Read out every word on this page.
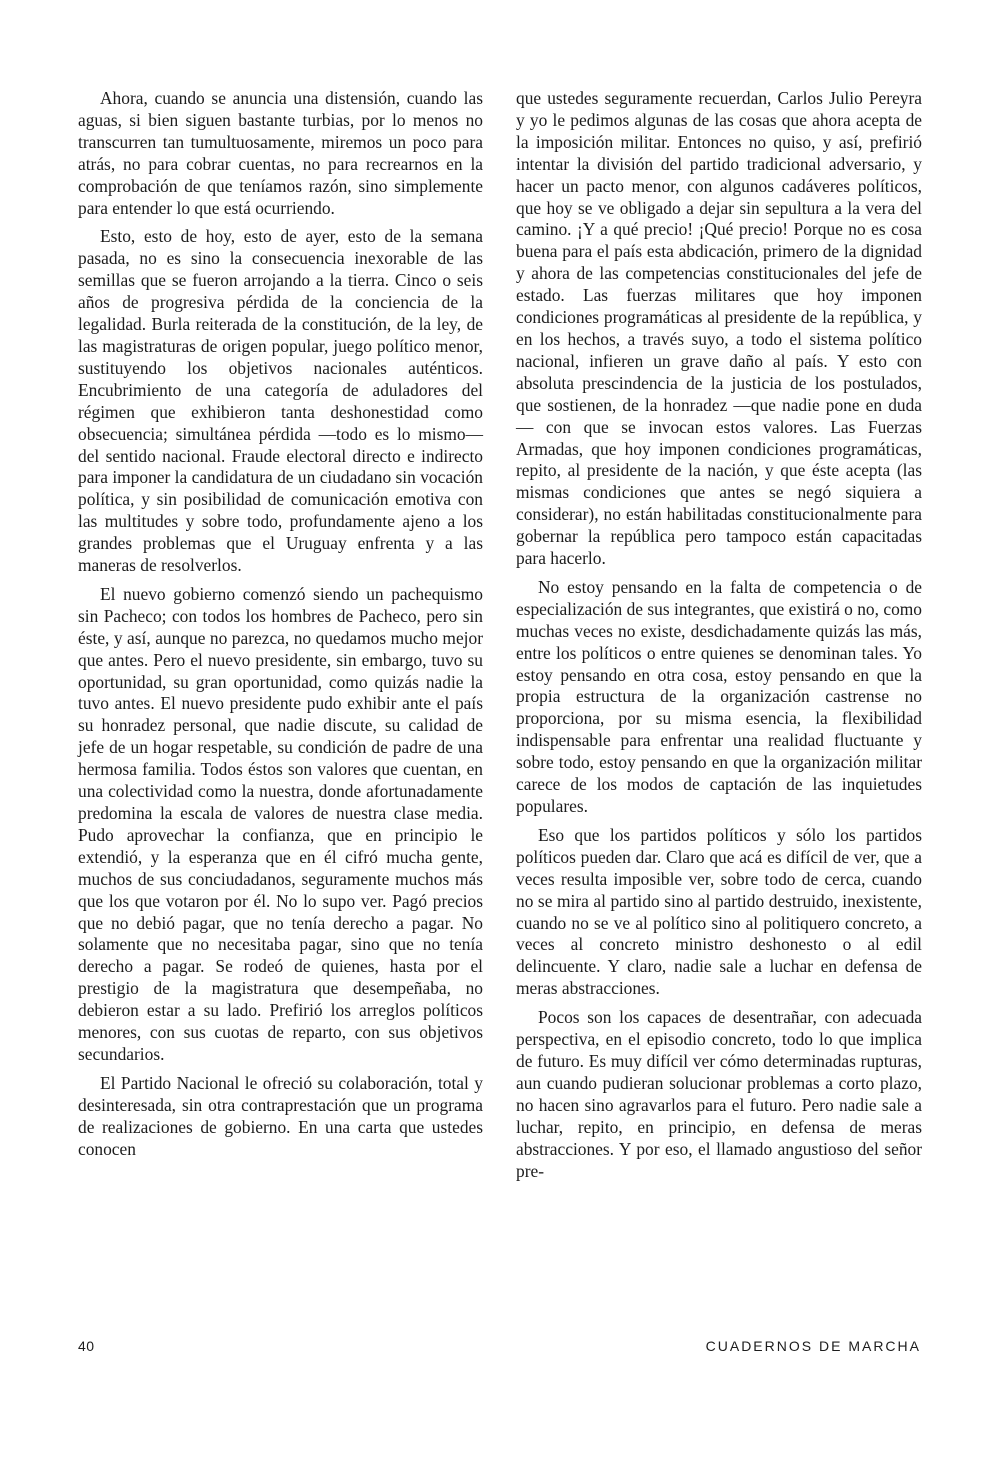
Ahora, cuando se anuncia una distensión, cuando las aguas, si bien siguen bastante turbias, por lo menos no transcurren tan tumultuosamente, miremos un poco para atrás, no para cobrar cuentas, no para recrearnos en la comprobación de que teníamos razón, sino simplemente para entender lo que está ocurriendo.

Esto, esto de hoy, esto de ayer, esto de la semana pasada, no es sino la consecuencia inexorable de las semillas que se fueron arrojando a la tierra. Cinco o seis años de progresiva pérdida de la conciencia de la legalidad. Burla reiterada de la constitución, de la ley, de las magistraturas de origen popular, juego político menor, sustituyendo los objetivos nacionales auténticos. Encubrimiento de una categoría de aduladores del régimen que exhibieron tanta deshonestidad como obsecuencia; simultánea pérdida —todo es lo mismo— del sentido nacional. Fraude electoral directo e indirecto para imponer la candidatura de un ciudadano sin vocación política, y sin posibilidad de comunicación emotiva con las multitudes y sobre todo, profundamente ajeno a los grandes problemas que el Uruguay enfrenta y a las maneras de resolverlos.

El nuevo gobierno comenzó siendo un pachequismo sin Pacheco; con todos los hombres de Pacheco, pero sin éste, y así, aunque no parezca, no quedamos mucho mejor que antes. Pero el nuevo presidente, sin embargo, tuvo su oportunidad, su gran oportunidad, como quizás nadie la tuvo antes. El nuevo presidente pudo exhibir ante el país su honradez personal, que nadie discute, su calidad de jefe de un hogar respetable, su condición de padre de una hermosa familia. Todos éstos son valores que cuentan, en una colectividad como la nuestra, donde afortunadamente predomina la escala de valores de nuestra clase media. Pudo aprovechar la confianza, que en principio le extendió, y la esperanza que en él cifró mucha gente, muchos de sus conciudadanos, seguramente muchos más que los que votaron por él. No lo supo ver. Pagó precios que no debió pagar, que no tenía derecho a pagar. No solamente que no necesitaba pagar, sino que no tenía derecho a pagar. Se rodeó de quienes, hasta por el prestigio de la magistratura que desempeñaba, no debieron estar a su lado. Prefirió los arreglos políticos menores, con sus cuotas de reparto, con sus objetivos secundarios.

El Partido Nacional le ofreció su colaboración, total y desinteresada, sin otra contraprestación que un programa de realizaciones de gobierno. En una carta que ustedes conocen

que ustedes seguramente recuerdan, Carlos Julio Pereyra y yo le pedimos algunas de las cosas que ahora acepta de la imposición militar. Entonces no quiso, y así, prefirió intentar la división del partido tradicional adversario, y hacer un pacto menor, con algunos cadáveres políticos, que hoy se ve obligado a dejar sin sepultura a la vera del camino. ¡Y a qué precio! ¡Qué precio! Porque no es cosa buena para el país esta abdicación, primero de la dignidad y ahora de las competencias constitucionales del jefe de estado. Las fuerzas militares que hoy imponen condiciones programáticas al presidente de la república, y en los hechos, a través suyo, a todo el sistema político nacional, infieren un grave daño al país. Y esto con absoluta prescindencia de la justicia de los postulados, que sostienen, de la honradez —que nadie pone en duda— con que se invocan estos valores. Las Fuerzas Armadas, que hoy imponen condiciones programáticas, repito, al presidente de la nación, y que éste acepta (las mismas condiciones que antes se negó siquiera a considerar), no están habilitadas constitucionalmente para gobernar la república pero tampoco están capacitadas para hacerlo.

No estoy pensando en la falta de competencia o de especialización de sus integrantes, que existirá o no, como muchas veces no existe, desdichadamente quizás las más, entre los políticos o entre quienes se denominan tales. Yo estoy pensando en otra cosa, estoy pensando en que la propia estructura de la organización castrense no proporciona, por su misma esencia, la flexibilidad indispensable para enfrentar una realidad fluctuante y sobre todo, estoy pensando en que la organización militar carece de los modos de captación de las inquietudes populares.

Eso que los partidos políticos y sólo los partidos políticos pueden dar. Claro que acá es difícil de ver, que a veces resulta imposible ver, sobre todo de cerca, cuando no se mira al partido sino al partido destruido, inexistente, cuando no se ve al político sino al politiquero concreto, a veces al concreto ministro deshonesto o al edil delincuente. Y claro, nadie sale a luchar en defensa de meras abstracciones.

Pocos son los capaces de desentrañar, con adecuada perspectiva, en el episodio concreto, todo lo que implica de futuro. Es muy difícil ver cómo determinadas rupturas, aun cuando pudieran solucionar problemas a corto plazo, no hacen sino agravarlos para el futuro. Pero nadie sale a luchar, repito, en principio, en defensa de meras abstracciones. Y por eso, el llamado angustioso del señor pre-

40	CUADERNOS DE MARCHA
